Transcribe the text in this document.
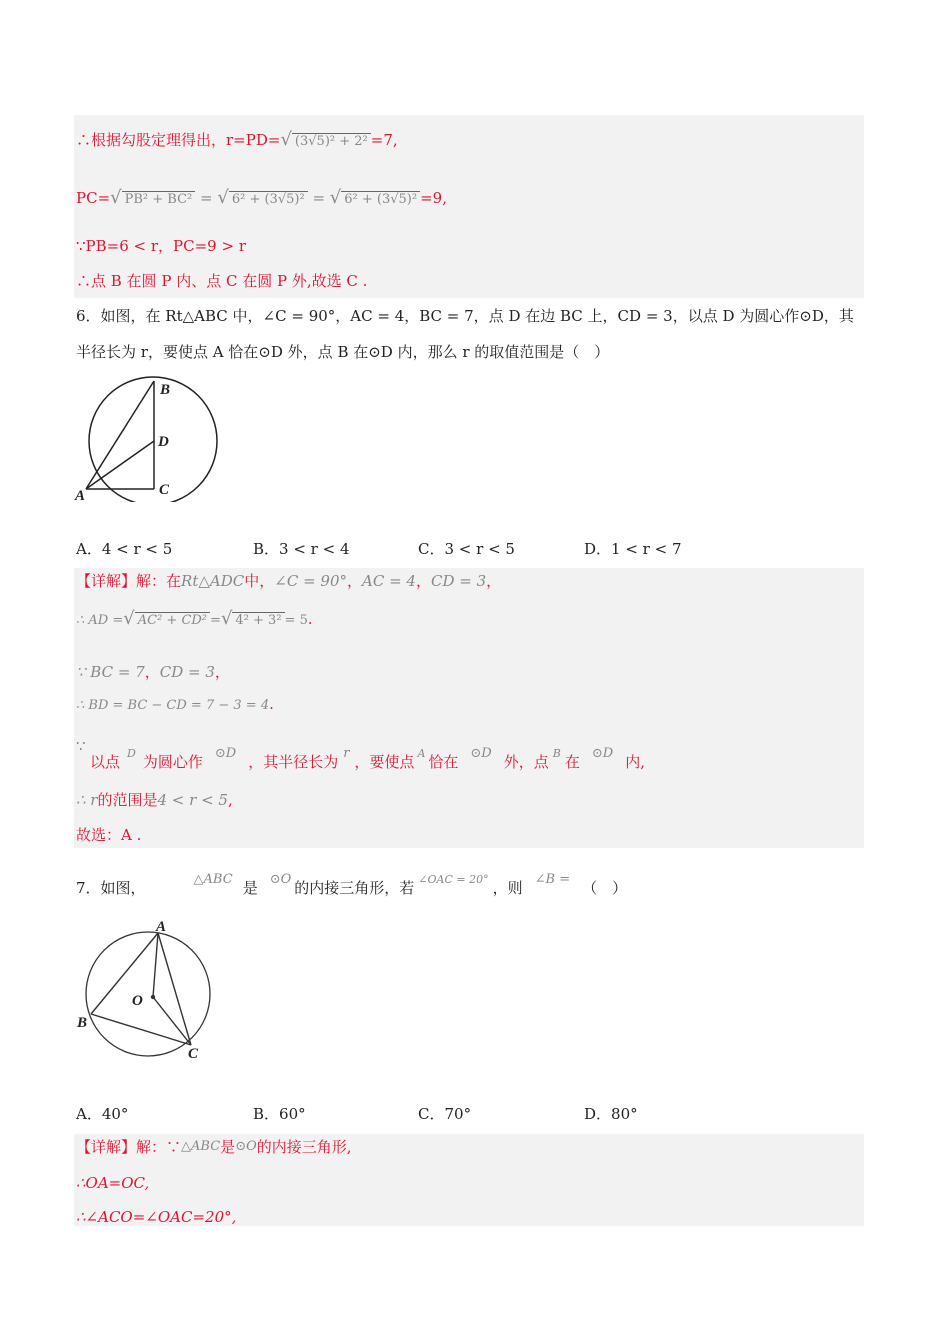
∴根据勾股定理得出，r=PD=√ (3√5)² + 2² =7,
PC=√ PB² + BC² = √ 6² + (3√5)² = √ 6² + (3√5)² =9,
∵PB=6 < r，PC=9 > r
∴点 B 在圆 P 内、点 C 在圆 P 外,故选 C .
6．如图，在 Rt△ABC 中，∠C = 90°，AC = 4，BC = 7，点 D 在边 BC 上，CD = 3，以点 D 为圆心作⊙D，其
半径长为 r，要使点 A 恰在⊙D 外，点 B 在⊙D 内，那么 r 的取值范围是（　）
B
D
A	C
A．4 < r < 5	B．3 < r < 4	C．3 < r < 5	D．1 < r < 7
【详解】解：在Rt△ADC中，∠C = 90°，AC = 4，CD = 3，
∴ AD =√ AC² + CD² =√ 4² + 3² = 5.
∵ BC = 7，CD = 3，
∴ BD = BC − CD = 7 − 3 = 4.
∵
以点 $^D$ 为圆心作 ⊙D ，其半径长为 r ，要使点 $^A$ 恰在 ⊙D 外，点 $^B$ 在 ⊙D 内,
∴ r的范围是4 < r < 5,
故选：A .
7．如图，	△ABC 是 ⊙O 的内接三角形，若 $^{\angle OAC = 20^\circ}$ ，则 ∠B = （　）
A
O
B
C
A．40°	B．60°	C．70°	D．80°
【详解】解：∵△ABC是⊙O的内接三角形,
∴OA=OC,
∴∠ACO=∠OAC=20°,
